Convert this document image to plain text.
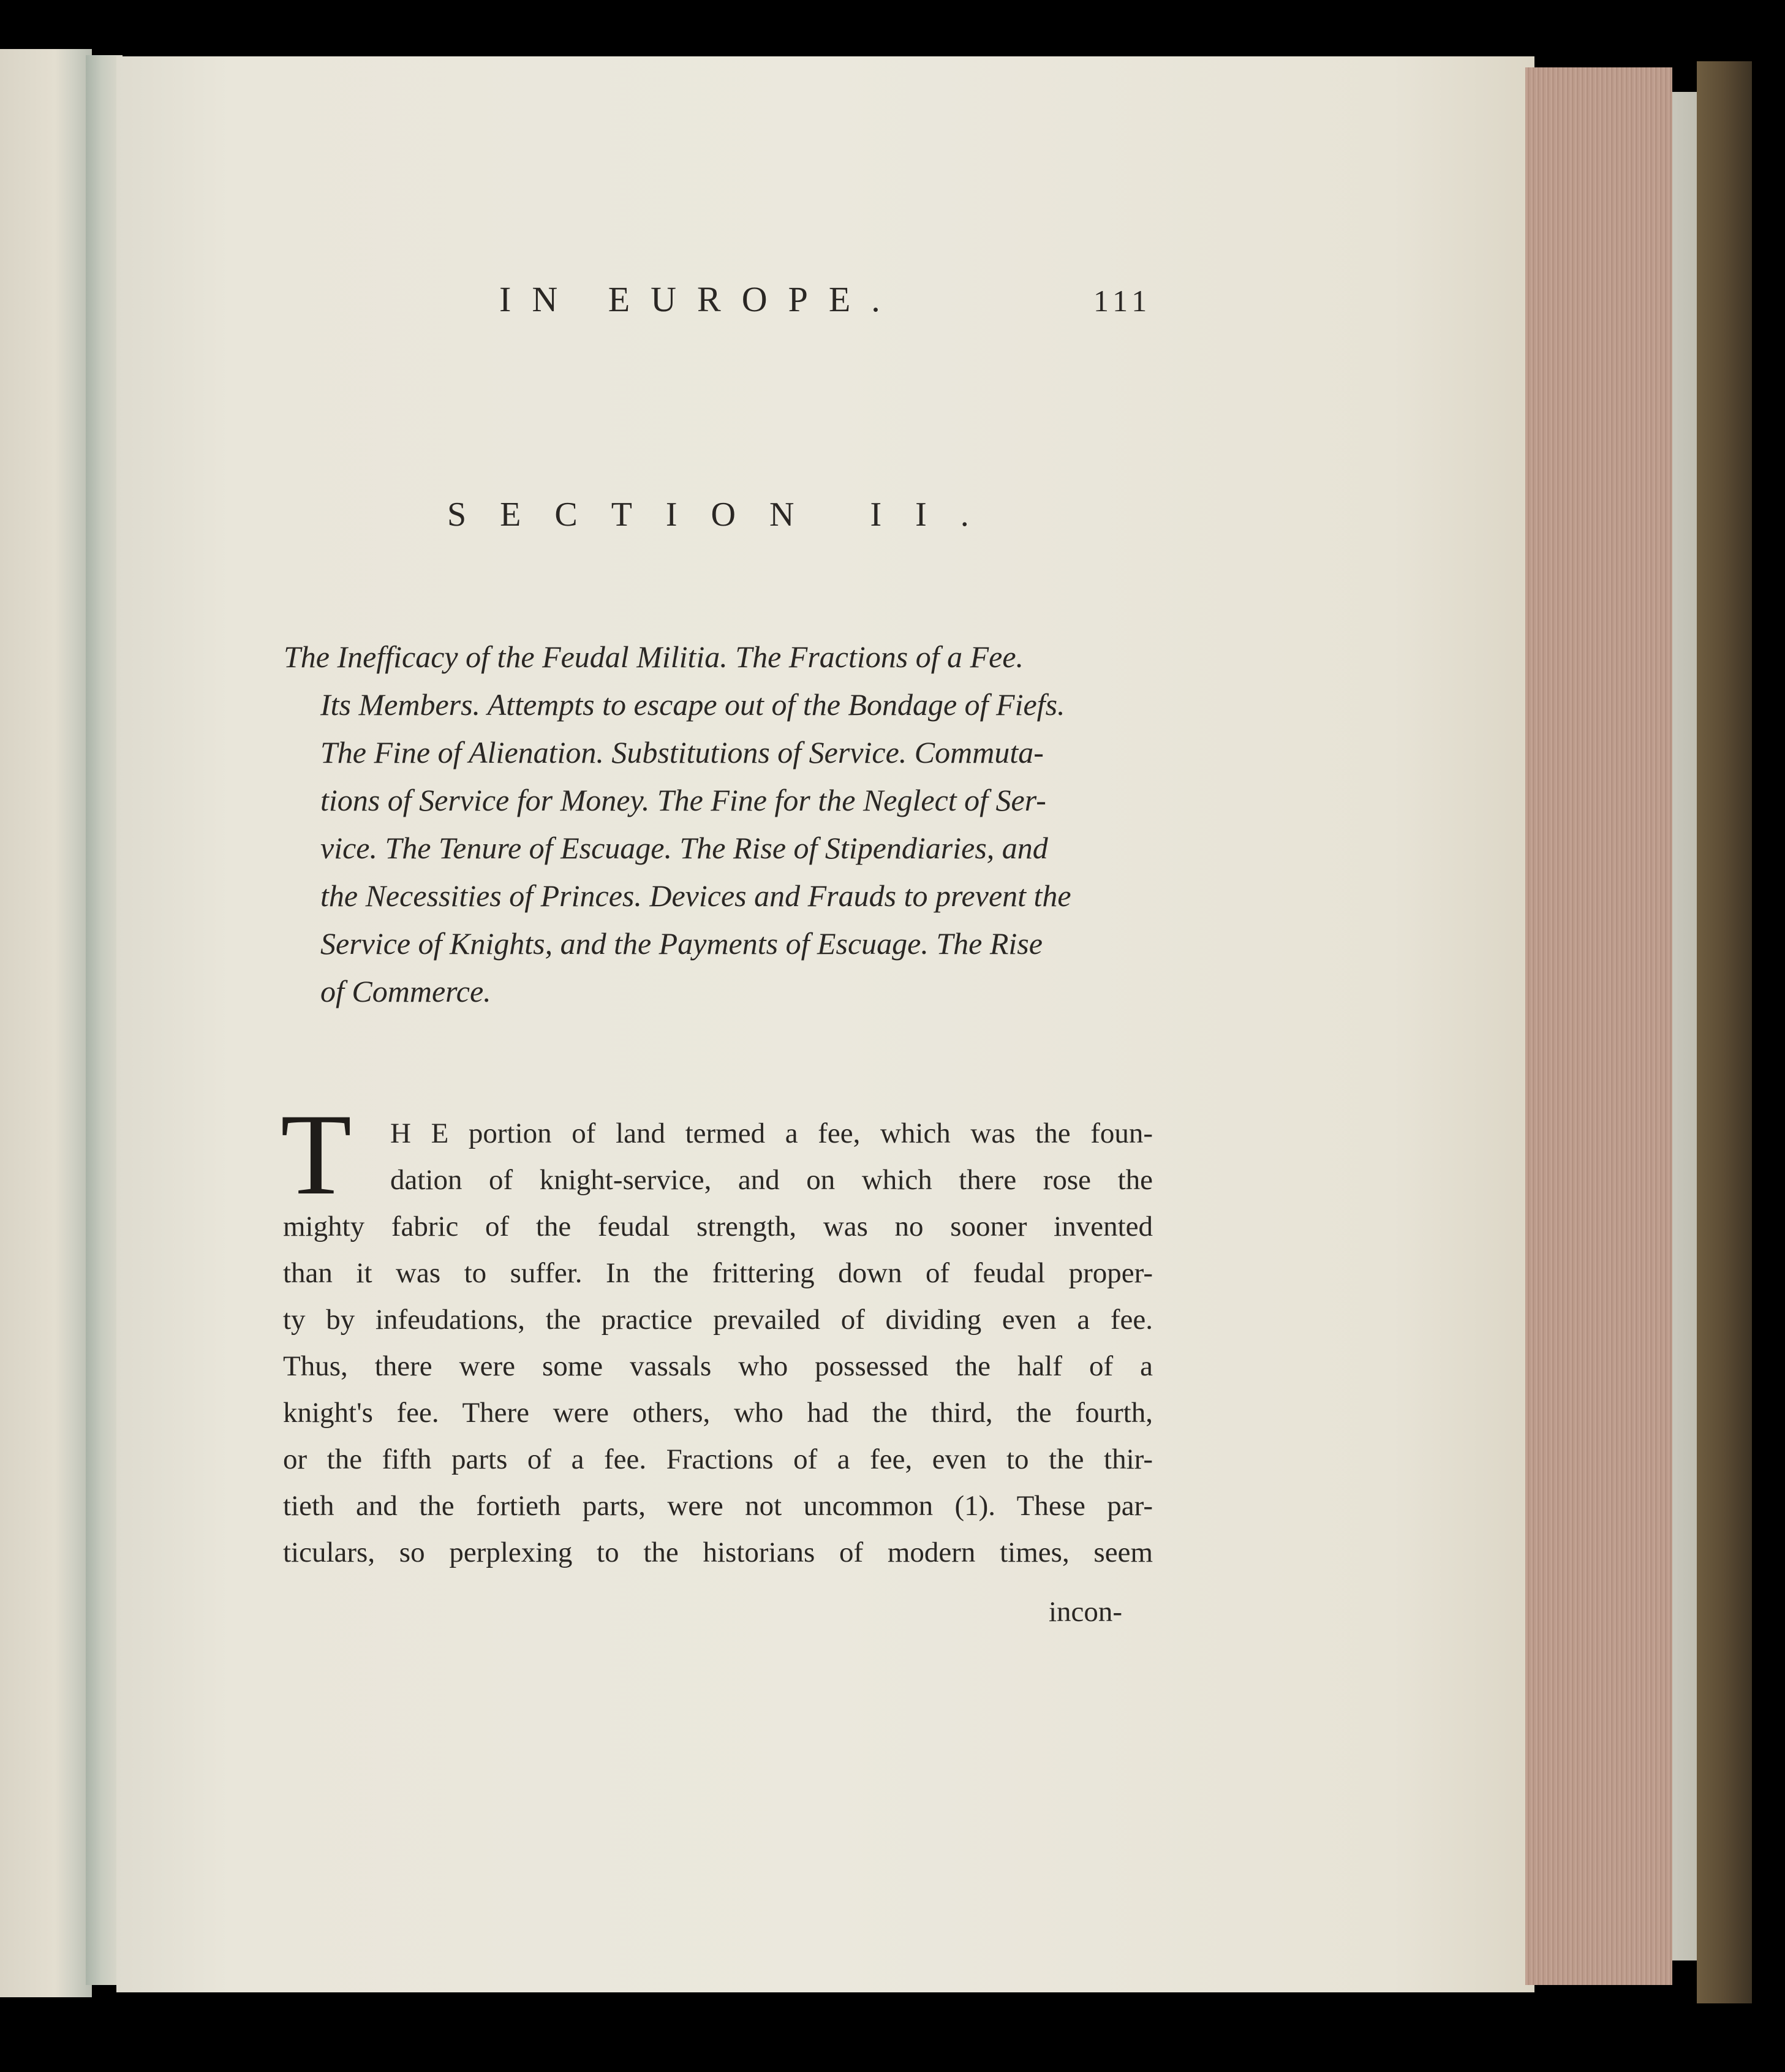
IN EUROPE.	111
SECTION II.
The Inefficacy of the Feudal Militia. The Fractions of a Fee.
Its Members. Attempts to escape out of the Bondage of Fiefs.
The Fine of Alienation. Substitutions of Service. Commuta-
tions of Service for Money. The Fine for the Neglect of Ser-
vice. The Tenure of Escuage. The Rise of Stipendiaries, and
the Necessities of Princes. Devices and Frauds to prevent the
Service of Knights, and the Payments of Escuage. The Rise
of Commerce.
T	H E portion of land termed a fee, which was the foun-
dation of knight-service, and on which there rose the
mighty fabric of the feudal strength, was no sooner invented
than it was to suffer. In the frittering down of feudal proper-
ty by infeudations, the practice prevailed of dividing even a fee.
Thus, there were some vassals who possessed the half of a
knight's fee. There were others, who had the third, the fourth,
or the fifth parts of a fee. Fractions of a fee, even to the thir-
tieth and the fortieth parts, were not uncommon (1). These par-
ticulars, so perplexing to the historians of modern times, seem
incon-
